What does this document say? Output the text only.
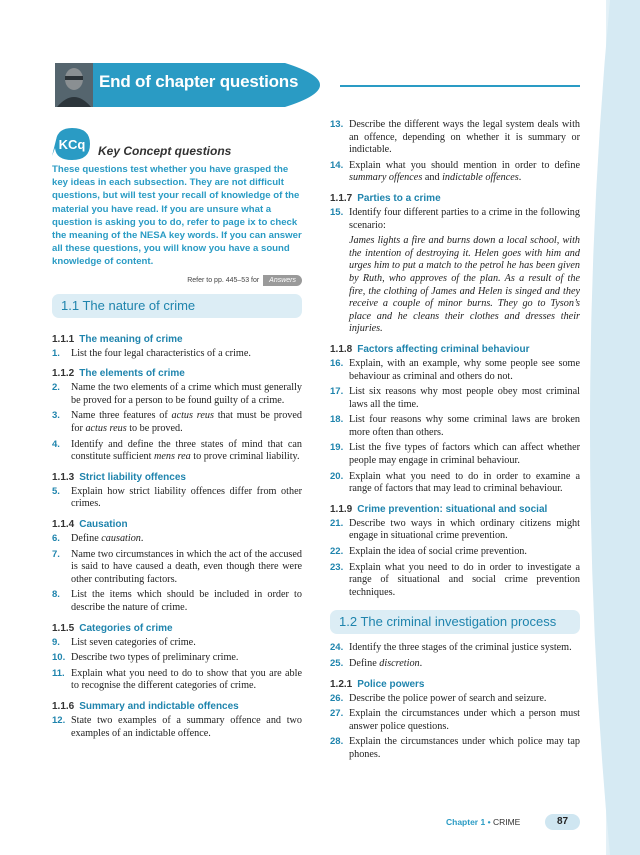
End of chapter questions
KCq Key Concept questions
These questions test whether you have grasped the key ideas in each subsection. They are not difficult questions, but will test your recall of knowledge of the material you have read. If you are unsure what a question is asking you to do, refer to page ix to check the meaning of the NESA key words. If you can answer all these questions, you will know you have a sound knowledge of content.
Refer to pp. 445–53 for Answers
1.1 The nature of crime
1.1.1 The meaning of crime
1.	List the four legal characteristics of a crime.
1.1.2 The elements of crime
2.	Name the two elements of a crime which must generally be proved for a person to be found guilty of a crime.
3.	Name three features of actus reus that must be proved for actus reus to be proved.
4.	Identify and define the three states of mind that can constitute sufficient mens rea to prove criminal liability.
1.1.3 Strict liability offences
5.	Explain how strict liability offences differ from other crimes.
1.1.4 Causation
6.	Define causation.
7.	Name two circumstances in which the act of the accused is said to have caused a death, even though there were other contributing factors.
8.	List the items which should be included in order to describe the nature of crime.
1.1.5 Categories of crime
9.	List seven categories of crime.
10. Describe two types of preliminary crime.
11. Explain what you need to do to show that you are able to recognise the different categories of crime.
1.1.6 Summary and indictable offences
12. State two examples of a summary offence and two examples of an indictable offence.
13. Describe the different ways the legal system deals with an offence, depending on whether it is summary or indictable.
14. Explain what you should mention in order to define summary offences and indictable offences.
1.1.7 Parties to a crime
15. Identify four different parties to a crime in the following scenario:
James lights a fire and burns down a local school, with the intention of destroying it. Helen goes with him and urges him to put a match to the petrol he has been given by Ruth, who approves of the plan. As a result of the fire, the clothing of James and Helen is singed and they receive a couple of minor burns. They go to Tyson’s place and he cleans their clothes and dresses their injuries.
1.1.8 Factors affecting criminal behaviour
16. Explain, with an example, why some people see some behaviour as criminal and others do not.
17. List six reasons why most people obey most criminal laws all the time.
18. List four reasons why some criminal laws are broken more often than others.
19. List the five types of factors which can affect whether people may engage in criminal behaviour.
20. Explain what you need to do in order to examine a range of factors that may lead to criminal behaviour.
1.1.9 Crime prevention: situational and social
21. Describe two ways in which ordinary citizens might engage in situational crime prevention.
22. Explain the idea of social crime prevention.
23. Explain what you need to do in order to investigate a range of situational and social crime prevention techniques.
1.2 The criminal investigation process
24. Identify the three stages of the criminal justice system.
25. Define discretion.
1.2.1 Police powers
26. Describe the police power of search and seizure.
27. Explain the circumstances under which a person must answer police questions.
28. Explain the circumstances under which police may tap phones.
Chapter 1 • CRIME	87
